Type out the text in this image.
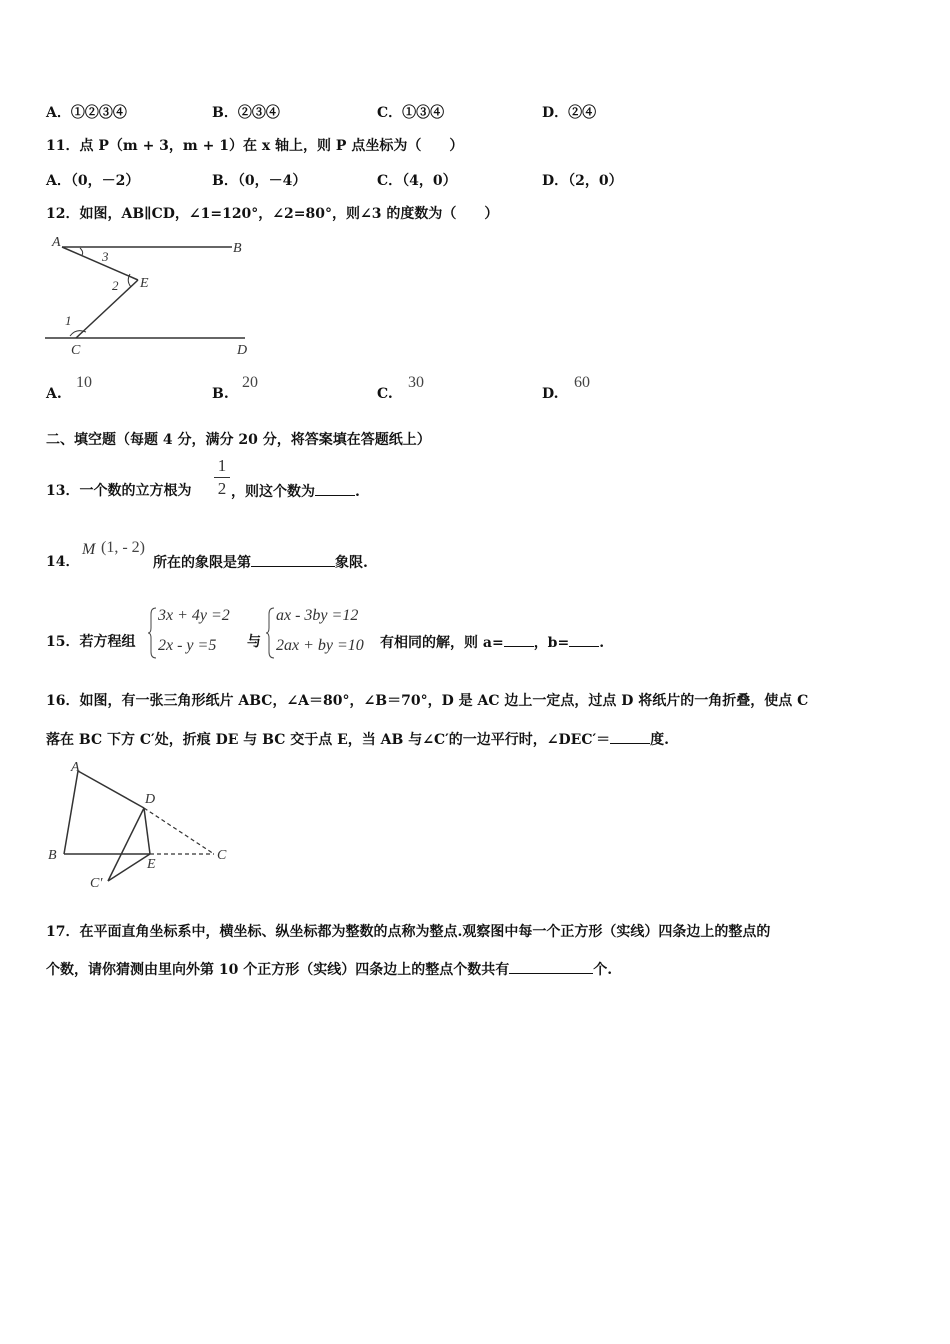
A．①②③④	B．②③④	C．①③④	D．②④
11．点 P（m + 3，m + 1）在 x 轴上，则 P 点坐标为（　　）
A．（0，－2）	B．（0，－4）	C．（4，0）	D．（2，0）
12．如图，AB∥CD，∠1=120°，∠2=80°，则∠3 的度数为（　　）
A	B
E
C	D
3
2
1
A.
10
B.
20
C.
30
D.
60
二、填空题（每题 4 分，满分 20 分，将答案填在答题纸上）
13．一个数的立方根为
1
2 ，则这个数为	.
14．
M (1, - 2)
所在的象限是第	象限.
15．若方程组
3x + 4y =2
2x - y =5 与
ax - 3by =12
2ax + by =10 有相同的解，则 a= ，b= .
16．如图，有一张三角形纸片 ABC，∠A＝80°，∠B＝70°，D 是 AC 边上一定点，过点 D 将纸片的一角折叠，使点 C
落在 BC 下方 C′处，折痕 DE 与 BC 交于点 E，当 AB 与∠C′的一边平行时，∠DEC′＝	度.
A
D
B
E
C
C′
17．在平面直角坐标系中，横坐标、纵坐标都为整数的点称为整点.观察图中每一个正方形（实线）四条边上的整点的
个数，请你猜测由里向外第 10 个正方形（实线）四条边上的整点个数共有	个.
